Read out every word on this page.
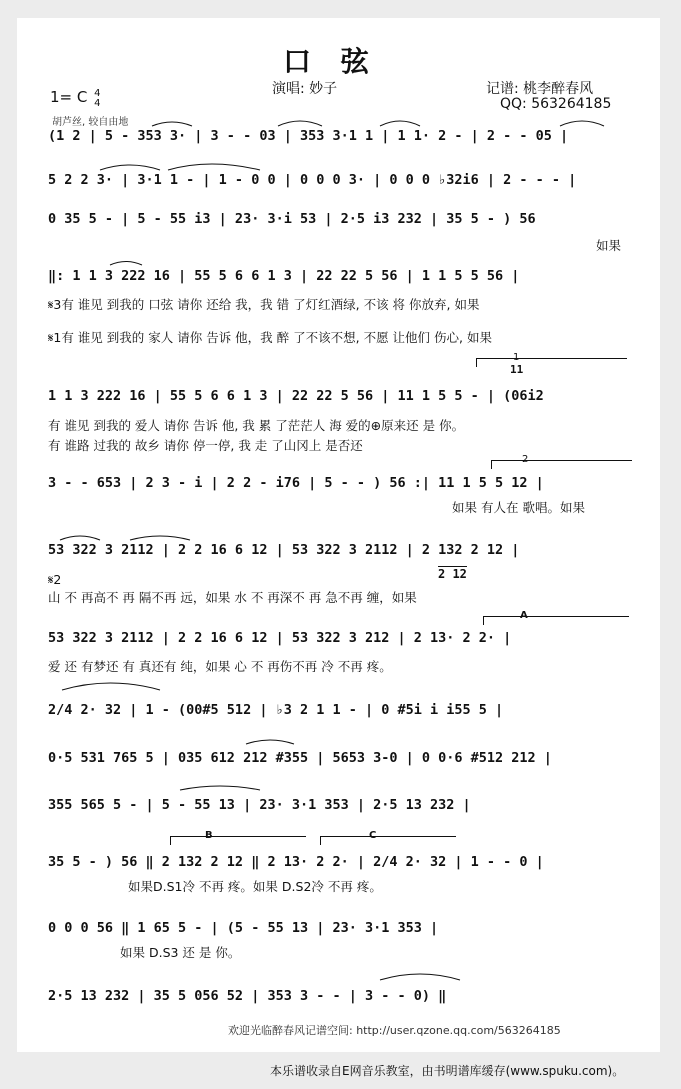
口 弦
演唱: 妙子	记谱: 桃李醉春风
QQ: 563264185
1= C 4
4
胡芦丝, 较自由地
(1 2 | 5 - 353 3· | 3 - - 03 | 353 3·1 1 | 1 1· 2 - | 2 - - 05 |
5 2 2 3· | 3·1 1 - | 1 - 0 0 | 0 0 0 3· | 0 0 0 ♭32i6 | 2 - - - |
0 35 5 - | 5 - 55 i3 | 23· 3·i 53 | 2·5 i3 232 | 35 5 - ) 56
如果
‖: 1 1 3 222 16 | 55 5 6 6 1 3 | 22 22 5 56 | 1 1 5 5 56 |
𝄋3有 谁见 到我的 口弦 请你 还给 我，我 错 了灯红酒绿, 不该 将 你放弃, 如果
𝄋1有 谁见 到我的 家人 请你 告诉 他，我 醉 了不该不想, 不愿 让他们 伤心, 如果
1
11
1 1 3 222 16 | 55 5 6 6 1 3 | 22 22 5 56 | 11 1 5 5 - | (06i2
有 谁见 到我的 爱人 请你 告诉 他, 我 累 了茫茫人 海 爱的⊕原来还 是 你。
有 谁路 过我的 故乡 请你 停一停, 我 走 了山冈上 是否还
2
3 - - 653 | 2 3 - i | 2 2 - i76 | 5 - - ) 56 :| 11 1 5 5 12 |
如果 有人在 歌唱。如果
53 322 3 2112 | 2 2 16 6 12 | 53 322 3 2112 | 2 132 2 12 |
𝄋2	2 12
山 不 再高不 再 隔不再 远，如果 水 不 再深不 再 急不再 缠，如果
A
53 322 3 2112 | 2 2 16 6 12 | 53 322 3 212 | 2 13· 2 2· |
爱 还 有梦还 有 真还有 纯，如果 心 不 再伤不再 冷 不再 疼。
2/4 2· 32 | 1 - (00#5 512 | ♭3 2 1 1 - | 0 #5i i i55 5 |
0·5 531 765 5 | 035 612 212 #355 | 5653 3-0 | 0 0·6 #512 212 |
355 565 5 - | 5 - 55 13 | 23· 3·1 353 | 2·5 13 232 |
B	C
35 5 - ) 56 ‖ 2 132 2 12 ‖ 2 13· 2 2· | 2/4 2· 32 | 1 - - 0 |
如果D.S1冷 不再 疼。如果 D.S2冷 不再 疼。
0 0 0 56 ‖ 1 65 5 - | (5 - 55 13 | 23· 3·1 353 |
如果 D.S3 还 是 你。
2·5 13 232 | 35 5 056 52 | 353 3 - - | 3 - - 0) ‖
欢迎光临醉春风记谱空间: http://user.qzone.qq.com/563264185
本乐谱收录自E网音乐教室，由书明谱库缓存(www.spuku.com)。
